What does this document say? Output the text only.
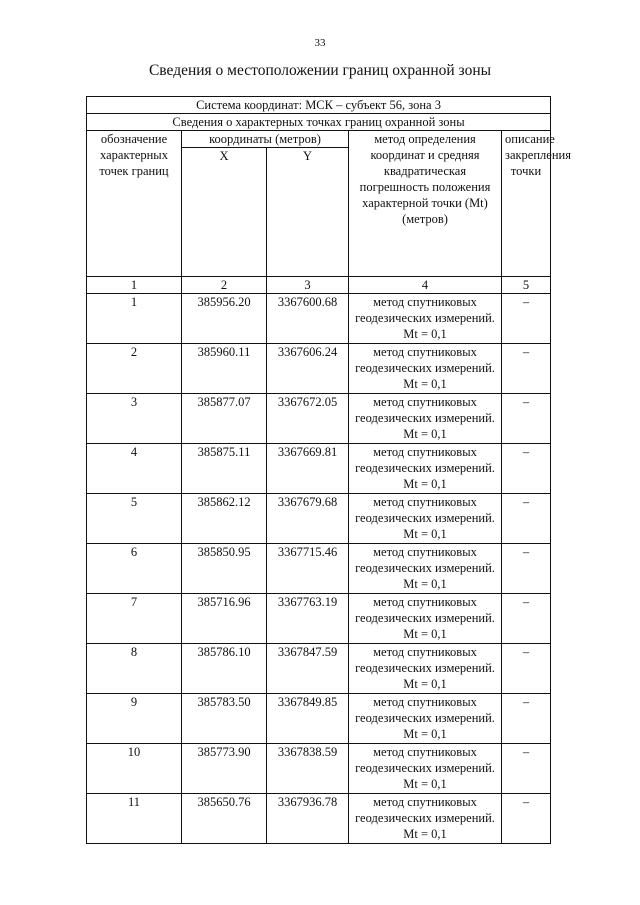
33
Сведения о местоположении границ охранной зоны
Система координат: МСК – субъект 56, зона 3				
Сведения о характерных точках границ охранной зоны				
обозначение характерных точек границ	координаты (метров)		метод определения координат и средняя квадратическая погрешность положения характерной точки (Mt) (метров)	описание закрепления точки
	X	Y		
1	2	3	4	5
1	385956.20	3367600.68	метод спутниковых геодезических измерений. Mt = 0,1	–
2	385960.11	3367606.24	метод спутниковых геодезических измерений. Mt = 0,1	–
3	385877.07	3367672.05	метод спутниковых геодезических измерений. Mt = 0,1	–
4	385875.11	3367669.81	метод спутниковых геодезических измерений. Mt = 0,1	–
5	385862.12	3367679.68	метод спутниковых геодезических измерений. Mt = 0,1	–
6	385850.95	3367715.46	метод спутниковых геодезических измерений. Mt = 0,1	–
7	385716.96	3367763.19	метод спутниковых геодезических измерений. Mt = 0,1	–
8	385786.10	3367847.59	метод спутниковых геодезических измерений. Mt = 0,1	–
9	385783.50	3367849.85	метод спутниковых геодезических измерений. Mt = 0,1	–
10	385773.90	3367838.59	метод спутниковых геодезических измерений. Mt = 0,1	–
11	385650.76	3367936.78	метод спутниковых геодезических измерений. Mt = 0,1	–
